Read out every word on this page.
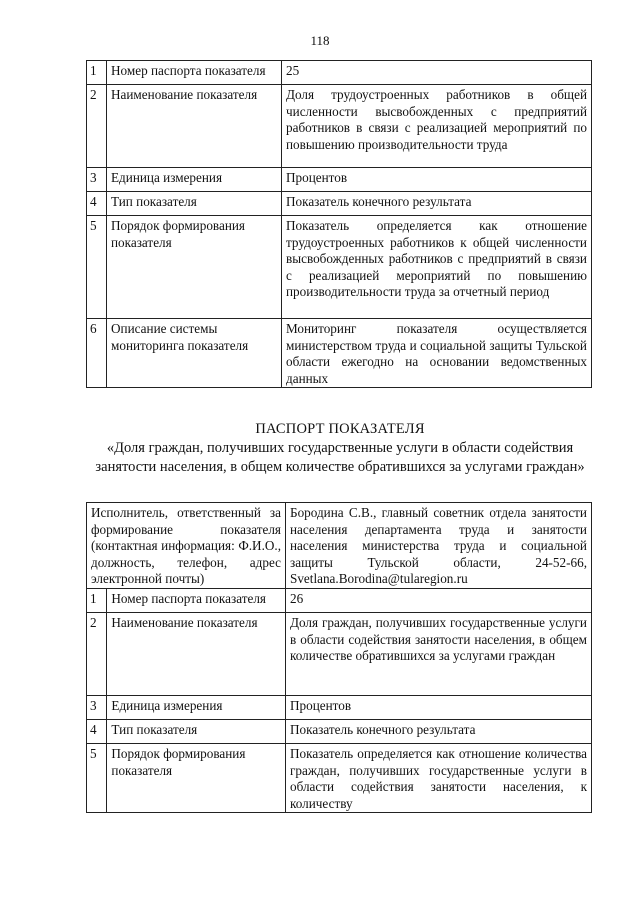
118
1	Номер паспорта показателя	25
2	Наименование показателя	Доля трудоустроенных работников в общей численности высвобожденных с предприятий работников в связи с реализацией мероприятий по повышению производительности труда
3	Единица измерения	Процентов
4	Тип показателя	Показатель конечного результата
5	Порядок формирования показателя	Показатель определяется как отношение трудоустроенных работников к общей численности высвобожденных работников с предприятий в связи с реализацией мероприятий по повышению производительности труда за отчетный период
6	Описание системы мониторинга показателя	Мониторинг показателя осуществляется министерством труда и социальной защиты Тульской области ежегодно на основании ведомственных данных
ПАСПОРТ ПОКАЗАТЕЛЯ
«Доля граждан, получивших государственные услуги в области содействия занятости населения, в общем количестве обратившихся за услугами граждан»
Исполнитель, ответственный за формирование показателя (контактная информация: Ф.И.О., должность, телефон, адрес электронной почты)		Бородина С.В., главный советник отдела занятости населения департамента труда и занятости населения министерства труда и социальной защиты Тульской области, 24-52-66, Svetlana.Borodina@tularegion.ru
1	Номер паспорта показателя	26
2	Наименование показателя	Доля граждан, получивших государственные услуги в области содействия занятости населения, в общем количестве обратившихся за услугами граждан
3	Единица измерения	Процентов
4	Тип показателя	Показатель конечного результата
5	Порядок формирования показателя	Показатель определяется как отношение количества граждан, получивших государственные услуги в области содействия занятости населения, к количеству
